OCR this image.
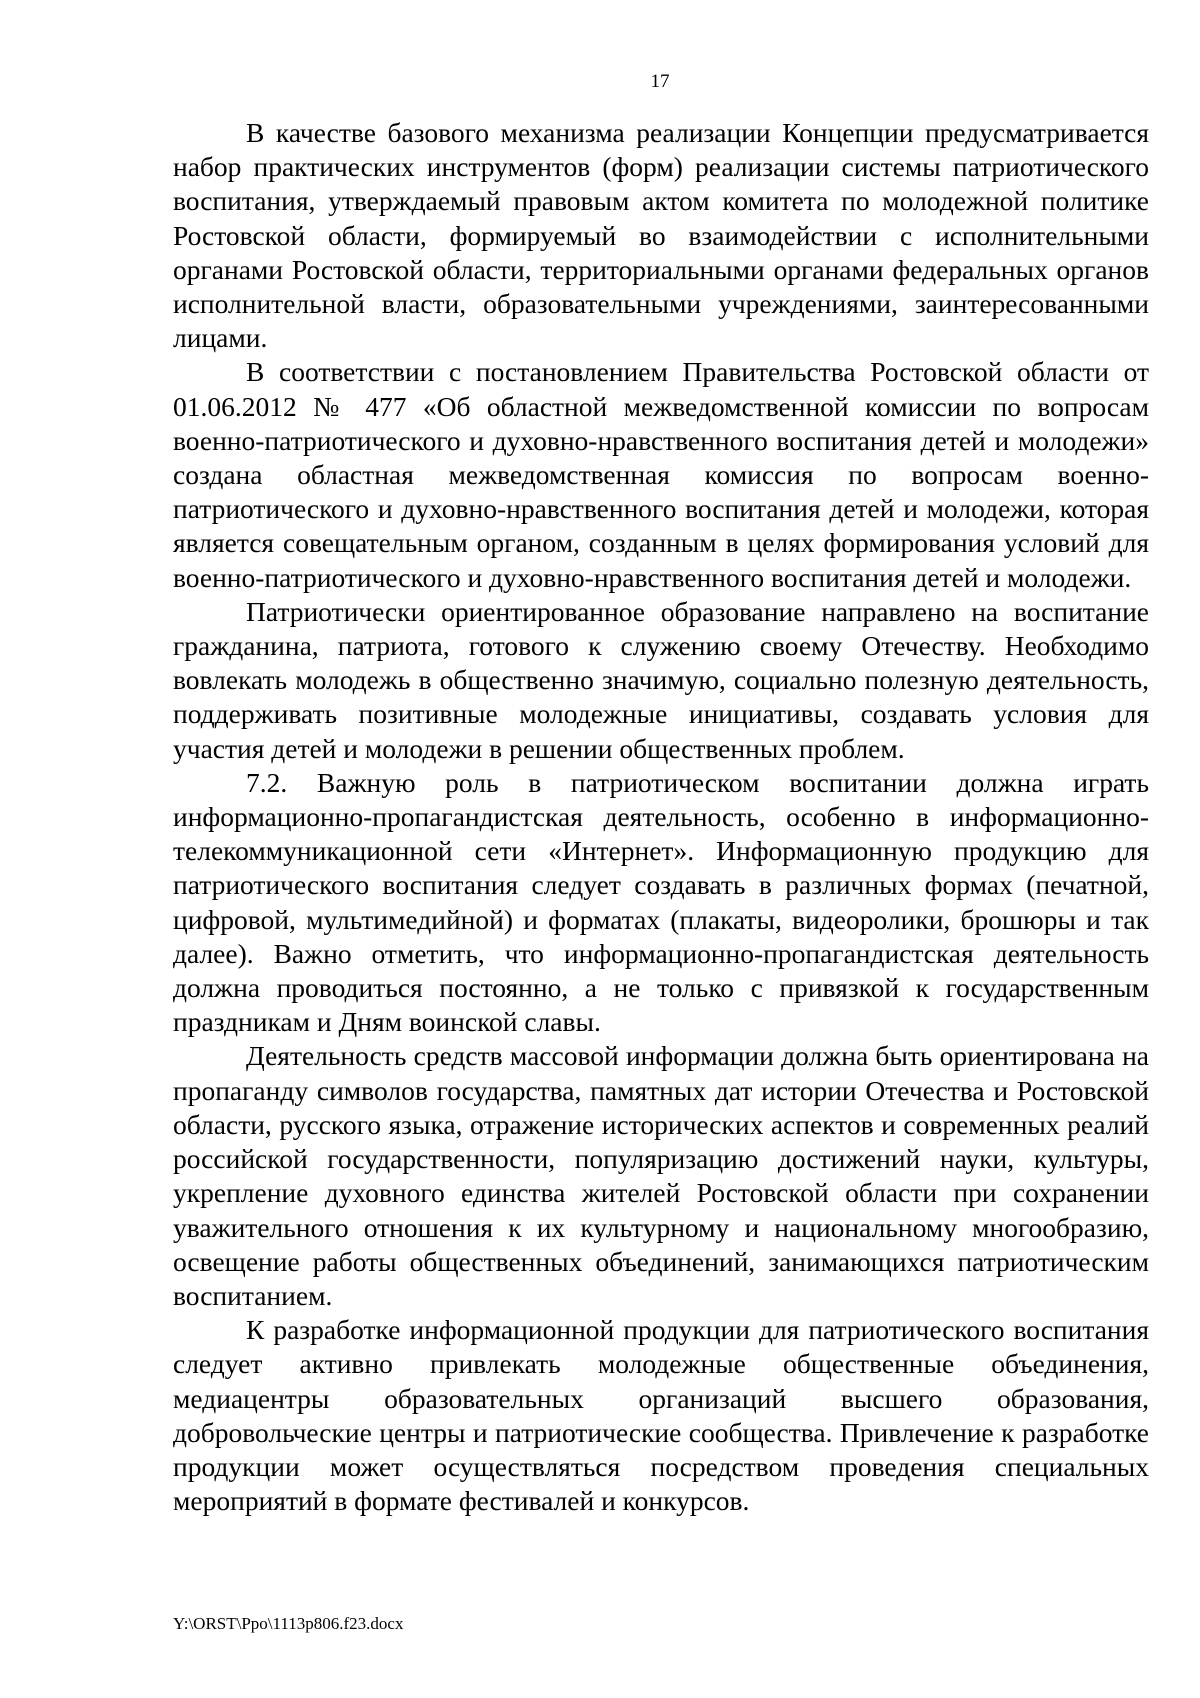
17

В качестве базового механизма реализации Концепции предусматривается набор практических инструментов (форм) реализации системы патриотического воспитания, утверждаемый правовым актом комитета по молодежной политике Ростовской области, формируемый во взаимодействии с исполнительными органами Ростовской области, территориальными органами федеральных органов исполнительной власти, образовательными учреждениями, заинтересованными лицами.

В соответствии с постановлением Правительства Ростовской области от 01.06.2012 № 477 «Об областной межведомственной комиссии по вопросам военно-патриотического и духовно-нравственного воспитания детей и молодежи» создана областная межведомственная комиссия по вопросам военно-патриотического и духовно-нравственного воспитания детей и молодежи, которая является совещательным органом, созданным в целях формирования условий для военно-патриотического и духовно-нравственного воспитания детей и молодежи.

Патриотически ориентированное образование направлено на воспитание гражданина, патриота, готового к служению своему Отечеству. Необходимо вовлекать молодежь в общественно значимую, социально полезную деятельность, поддерживать позитивные молодежные инициативы, создавать условия для участия детей и молодежи в решении общественных проблем.

7.2. Важную роль в патриотическом воспитании должна играть информационно-пропагандистская деятельность, особенно в информационно-телекоммуникационной сети «Интернет». Информационную продукцию для патриотического воспитания следует создавать в различных формах (печатной, цифровой, мультимедийной) и форматах (плакаты, видеоролики, брошюры и так далее). Важно отметить, что информационно-пропагандистская деятельность должна проводиться постоянно, а не только с привязкой к государственным праздникам и Дням воинской славы.

Деятельность средств массовой информации должна быть ориентирована на пропаганду символов государства, памятных дат истории Отечества и Ростовской области, русского языка, отражение исторических аспектов и современных реалий российской государственности, популяризацию достижений науки, культуры, укрепление духовного единства жителей Ростовской области при сохранении уважительного отношения к их культурному и национальному многообразию, освещение работы общественных объединений, занимающихся патриотическим воспитанием.

К разработке информационной продукции для патриотического воспитания следует активно привлекать молодежные общественные объединения, медиацентры образовательных организаций высшего образования, добровольческие центры и патриотические сообщества. Привлечение к разработке продукции может осуществляться посредством проведения специальных мероприятий в формате фестивалей и конкурсов.

Y:\ORST\Ppo\1113p806.f23.docx
